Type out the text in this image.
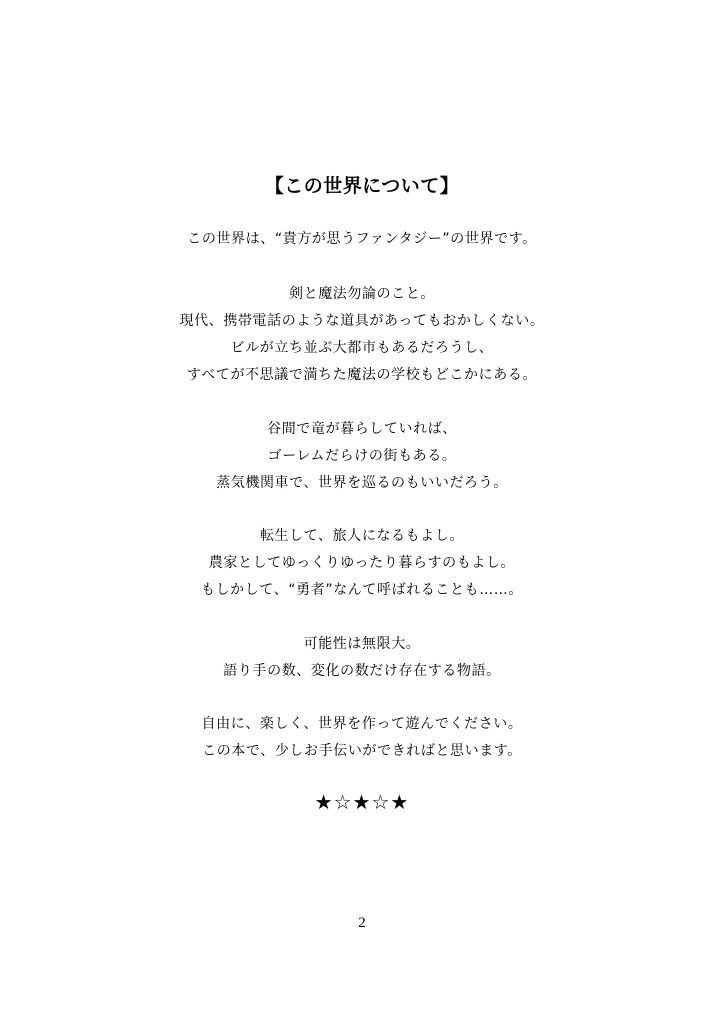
【この世界について】
この世界は、“貴方が思うファンタジー”の世界です。
剣と魔法勿論のこと。
現代、携帯電話のような道具があってもおかしくない。
ビルが立ち並ぶ大都市もあるだろうし、
すべてが不思議で満ちた魔法の学校もどこかにある。
谷間で竜が暮らしていれば、
ゴーレムだらけの街もある。
蒸気機関車で、世界を巡るのもいいだろう。
転生して、旅人になるもよし。
農家としてゆっくりゆったり暮らすのもよし。
もしかして、“勇者”なんて呼ばれることも……。
可能性は無限大。
語り手の数、変化の数だけ存在する物語。
自由に、楽しく、世界を作って遊んでください。
この本で、少しお手伝いができればと思います。
★☆★☆★
2
